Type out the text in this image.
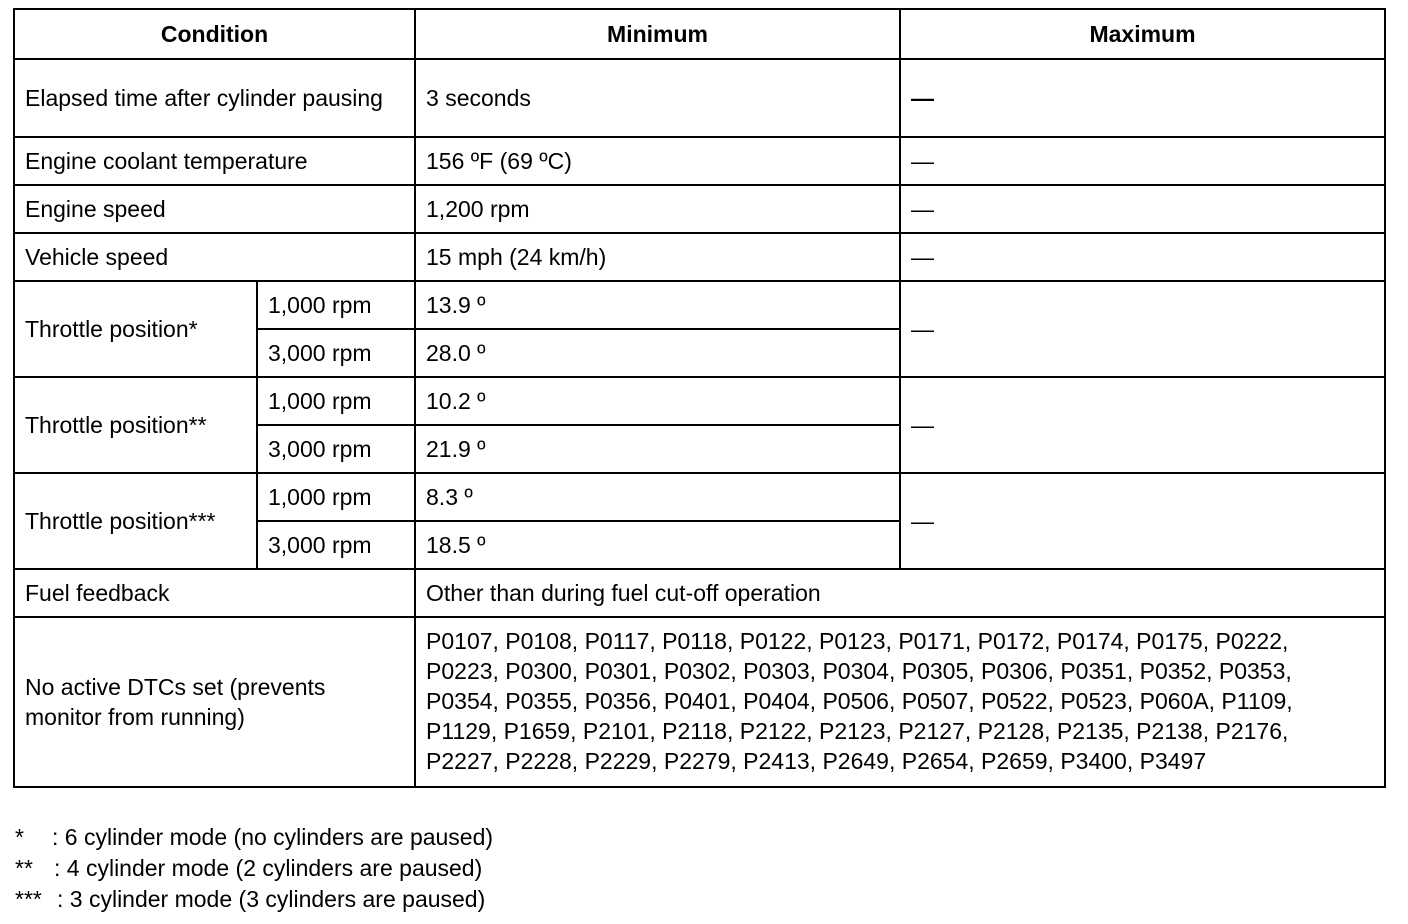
Condition		Minimum	Maximum
Elapsed time after cylinder pausing		3 seconds	—
Engine coolant temperature		156 ºF (69 ºC)	—
Engine speed		1,200 rpm	—
Vehicle speed		15 mph (24 km/h)	—
Throttle position*	1,000 rpm	13.9 º	—
	3,000 rpm	28.0 º	
Throttle position**	1,000 rpm	10.2 º	—
	3,000 rpm	21.9 º	
Throttle position***	1,000 rpm	8.3 º	—
	3,000 rpm	18.5 º	
Fuel feedback		Other than during fuel cut-off operation	
No active DTCs set (prevents monitor from running)		P0107, P0108, P0117, P0118, P0122, P0123, P0171, P0172, P0174, P0175, P0222,
P0223, P0300, P0301, P0302, P0303, P0304, P0305, P0306, P0351, P0352, P0353,
P0354, P0355, P0356, P0401, P0404, P0506, P0507, P0522, P0523, P060A, P1109,
P1129, P1659, P2101, P2118, P2122, P2123, P2127, P2128, P2135, P2138, P2176,
P2227, P2228, P2229, P2279, P2413, P2649, P2654, P2659, P3400, P3497	
* : 6 cylinder mode (no cylinders are paused)
** : 4 cylinder mode (2 cylinders are paused)
*** : 3 cylinder mode (3 cylinders are paused)
